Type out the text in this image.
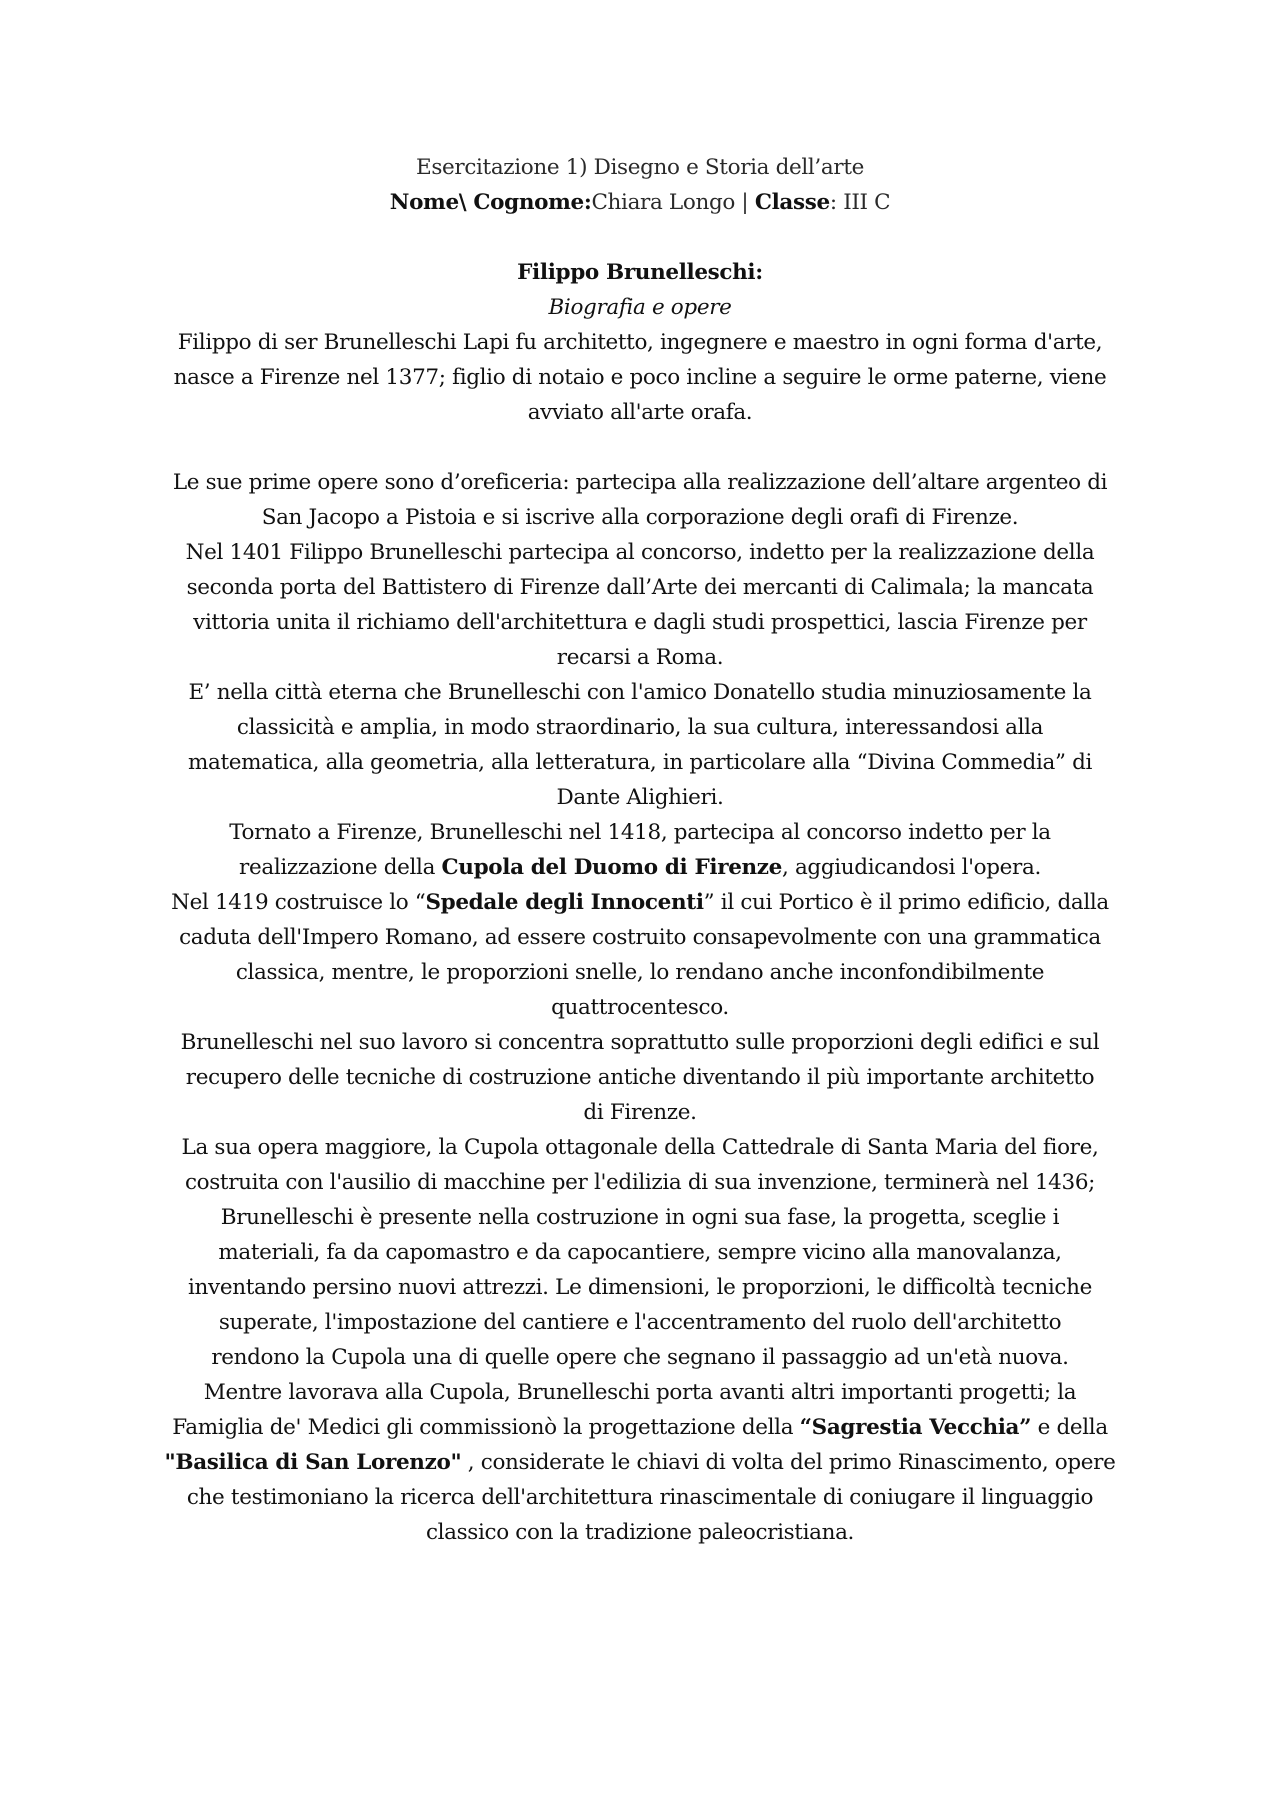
Esercitazione 1) Disegno e Storia dell’arte
Nome\ Cognome:Chiara Longo | Classe: III C
Filippo Brunelleschi:
Biografia e opere
Filippo di ser Brunelleschi Lapi fu architetto, ingegnere e maestro in ogni forma d'arte,
nasce a Firenze nel 1377; figlio di notaio e poco incline a seguire le orme paterne, viene
avviato all'arte orafa.
Le sue prime opere sono d’oreficeria: partecipa alla realizzazione dell’altare argenteo di
San Jacopo a Pistoia e si iscrive alla corporazione degli orafi di Firenze.
Nel 1401 Filippo Brunelleschi partecipa al concorso, indetto per la realizzazione della
seconda porta del Battistero di Firenze dall’Arte dei mercanti di Calimala; la mancata
vittoria unita il richiamo dell'architettura e dagli studi prospettici, lascia Firenze per
recarsi a Roma.
E’ nella città eterna che Brunelleschi con l'amico Donatello studia minuziosamente la
classicità e amplia, in modo straordinario, la sua cultura, interessandosi alla
matematica, alla geometria, alla letteratura, in particolare alla “Divina Commedia” di
Dante Alighieri.
Tornato a Firenze, Brunelleschi nel 1418, partecipa al concorso indetto per la
realizzazione della Cupola del Duomo di Firenze, aggiudicandosi l'opera.
Nel 1419 costruisce lo “Spedale degli Innocenti” il cui Portico è il primo edificio, dalla
caduta dell'Impero Romano, ad essere costruito consapevolmente con una grammatica
classica, mentre, le proporzioni snelle, lo rendano anche inconfondibilmente
quattrocentesco.
Brunelleschi nel suo lavoro si concentra soprattutto sulle proporzioni degli edifici e sul
recupero delle tecniche di costruzione antiche diventando il più importante architetto
di Firenze.
La sua opera maggiore, la Cupola ottagonale della Cattedrale di Santa Maria del fiore,
costruita con l'ausilio di macchine per l'edilizia di sua invenzione, terminerà nel 1436;
Brunelleschi è presente nella costruzione in ogni sua fase, la progetta, sceglie i
materiali, fa da capomastro e da capocantiere, sempre vicino alla manovalanza,
inventando persino nuovi attrezzi. Le dimensioni, le proporzioni, le difficoltà tecniche
superate, l'impostazione del cantiere e l'accentramento del ruolo dell'architetto
rendono la Cupola una di quelle opere che segnano il passaggio ad un'età nuova.
Mentre lavorava alla Cupola, Brunelleschi porta avanti altri importanti progetti; la
Famiglia de' Medici gli commissionò la progettazione della “Sagrestia Vecchia” e della
"Basilica di San Lorenzo" , considerate le chiavi di volta del primo Rinascimento, opere
che testimoniano la ricerca dell'architettura rinascimentale di coniugare il linguaggio
classico con la tradizione paleocristiana.
